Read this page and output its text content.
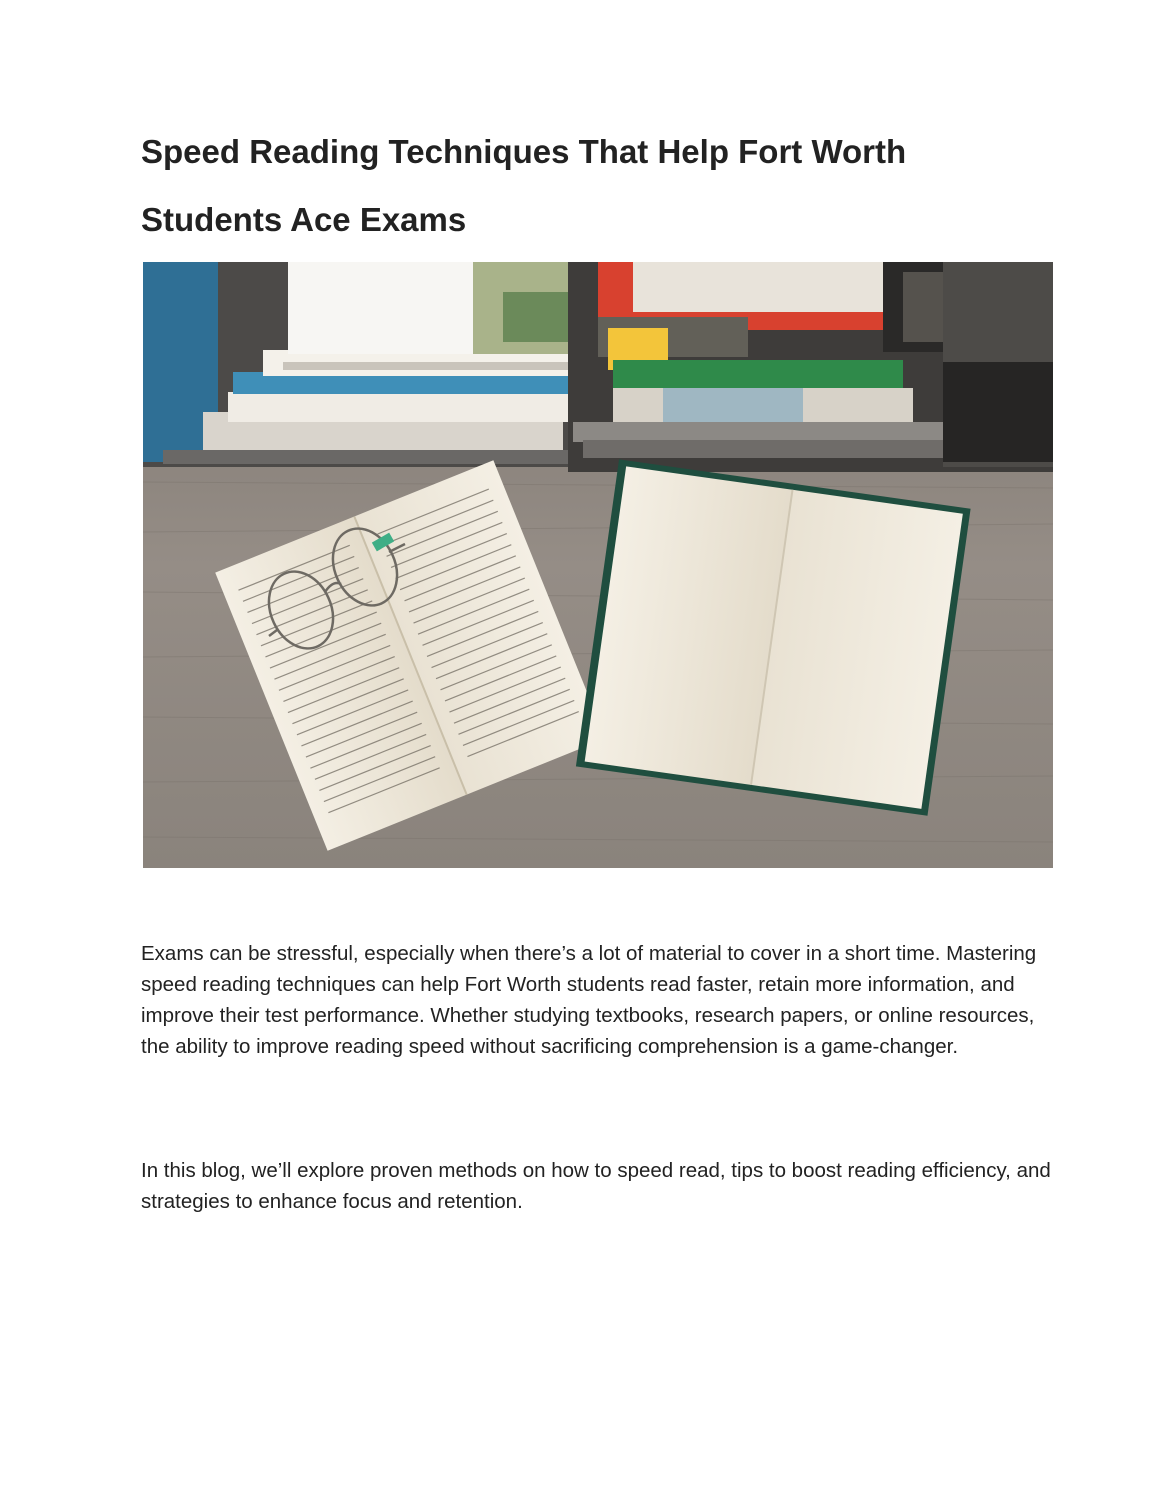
Speed Reading Techniques That Help Fort Worth Students Ace Exams

Exams can be stressful, especially when there’s a lot of material to cover in a short time. Mastering speed reading techniques can help Fort Worth students read faster, retain more information, and improve their test performance. Whether studying textbooks, research papers, or online resources, the ability to improve reading speed without sacrificing comprehension is a game-changer.

In this blog, we’ll explore proven methods on how to speed read, tips to boost reading efficiency, and strategies to enhance focus and retention.
